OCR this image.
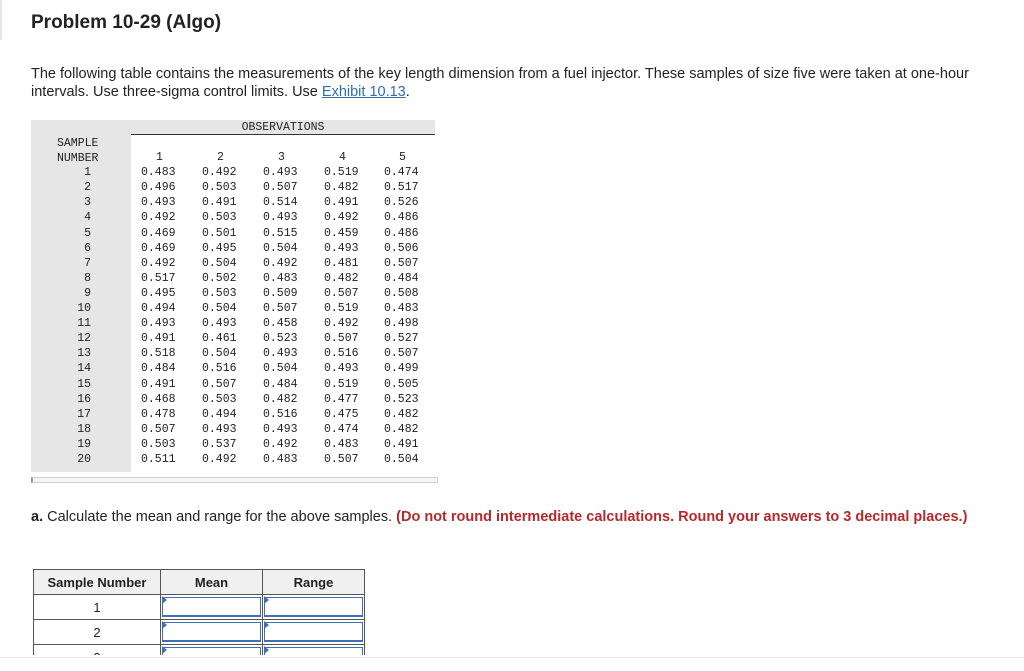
Problem 10-29 (Algo)
The following table contains the measurements of the key length dimension from a fuel injector. These samples of size five were taken at one-hour intervals. Use three-sigma control limits. Use Exhibit 10.13.
OBSERVATIONS
SAMPLE
NUMBER	1	2	3	4	5
1	0.483 0.492 0.493 0.519 0.474
2	0.496 0.503 0.507 0.482 0.517
3	0.493 0.491 0.514 0.491 0.526
4	0.492 0.503 0.493 0.492 0.486
5	0.469 0.501 0.515 0.459 0.486
6	0.469 0.495 0.504 0.493 0.506
7	0.492 0.504 0.492 0.481 0.507
8	0.517 0.502 0.483 0.482 0.484
9	0.495 0.503 0.509 0.507 0.508
10	0.494 0.504 0.507 0.519 0.483
11	0.493 0.493 0.458 0.492 0.498
12	0.491 0.461 0.523 0.507 0.527
13	0.518 0.504 0.493 0.516 0.507
14	0.484 0.516 0.504 0.493 0.499
15	0.491 0.507 0.484 0.519 0.505
16	0.468 0.503 0.482 0.477 0.523
17	0.478 0.494 0.516 0.475 0.482
18	0.507 0.493 0.493 0.474 0.482
19	0.503 0.537 0.492 0.483 0.491
20	0.511 0.492 0.483 0.507 0.504
a. Calculate the mean and range for the above samples. (Do not round intermediate calculations. Round your answers to 3 decimal places.)
Sample Number	Mean	Range
1	

2	
